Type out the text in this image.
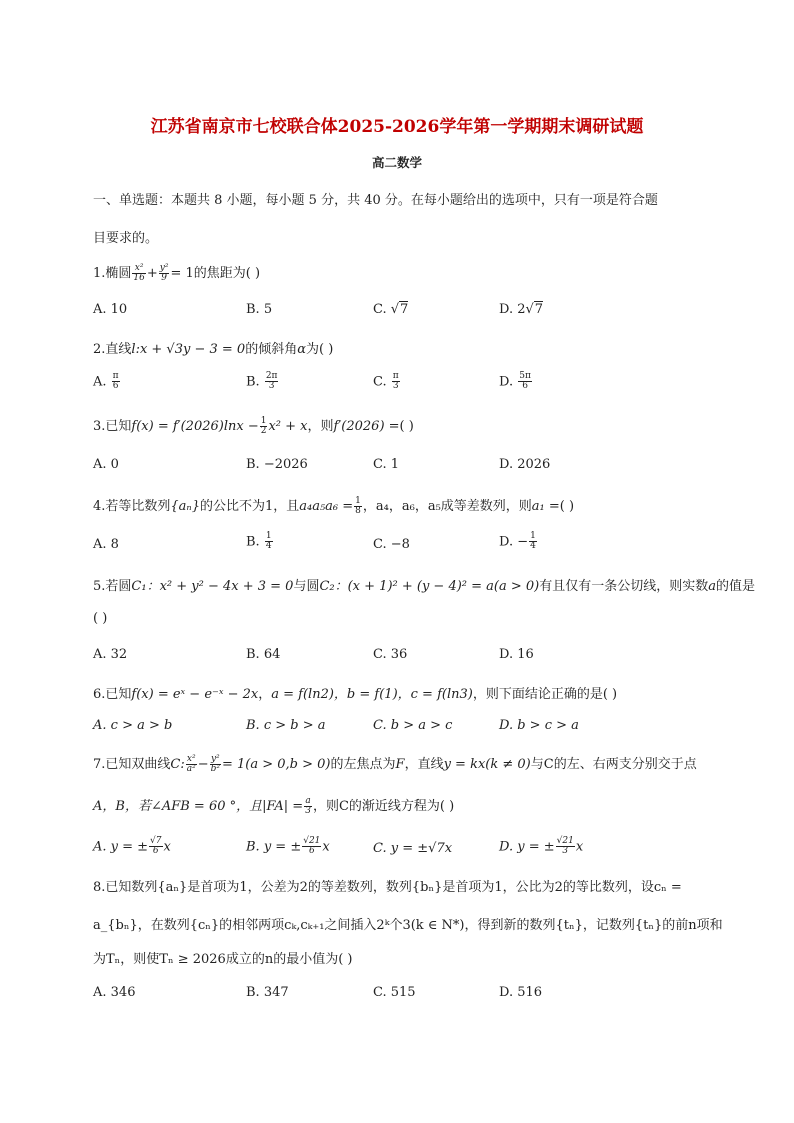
江苏省南京市七校联合体2025-2026学年第一学期期末调研试题
高二数学
一、单选题：本题共 8 小题，每小题 5 分，共 40 分。在每小题给出的选项中，只有一项是符合题
目要求的。
1.椭圆 $\frac{\text{x²}}{16} + \frac{\text{y²}}{9} = 1$的焦距为( )
A. 10	B. 5	C. √7	D. 2√7
2.直线l:x + √3y − 3 = 0的倾斜角α为( )
A. $\frac{\pi}{6}$	B. $\frac{2\pi}{3}$	C. $\frac{\pi}{3}$	D. $\frac{5\pi}{6}$
3.已知$f(x) = f'(2026)\ln x - \frac{1}{2} x^2 + x$，则f′(2026) =( )
A. 0	B. −2026	C. 1	D. 2026
4.若等比数列{aₙ}的公比不为1，且$a_4a_5a_6 = \frac{1}{8}$ ，a₄，a₆，a₅成等差数列，则a₁ =( )
A. 8	B. $\frac{1}{4}$	C. −8	D. − $\frac{1}{4}$
5.若圆C₁：x² + y² − 4x + 3 = 0与圆C₂：(x + 1)² + (y − 4)² = a(a > 0)有且仅有一条公切线，则实数a的值是
( )
A. 32	B. 64	C. 36	D. 16
6.已知f(x) = eˣ − e⁻ˣ − 2x，a = f(ln2)，b = f(1)，c = f(ln3)，则下面结论正确的是( )
A. c > a > b	B. c > b > a	C. b > a > c	D. b > c > a
7.已知双曲线C: $\frac{\text{x²}}{\text{a²}} - \frac{\text{y²}}{\text{b²}} = 1(a > 0,b > 0)$的左焦点为F，直线y = kx(k ≠ 0)与C的左、右两支分别交于点
A，B，若∠AFB = 60 °，且$|FA| = \frac{a}{3}$ ，则C的渐近线方程为( )
A. y = ± $\frac{√7}{6}$ x	B. y = ± $\frac{√21}{6}$ x	C. y = ±√7x	D. y = ± $\frac{√21}{3}$ x
8.已知数列{aₙ}是首项为1，公差为2的等差数列，数列{bₙ}是首项为1，公比为2的等比数列，设cₙ =
a_{bₙ}，在数列{cₙ}的相邻两项cₖ,cₖ₊₁之间插入2ᵏ个3(k ∈ N*)，得到新的数列{tₙ}，记数列{tₙ}的前n项和
为Tₙ，则使Tₙ ≥ 2026成立的n的最小值为( )
A. 346	B. 347	C. 515	D. 516
